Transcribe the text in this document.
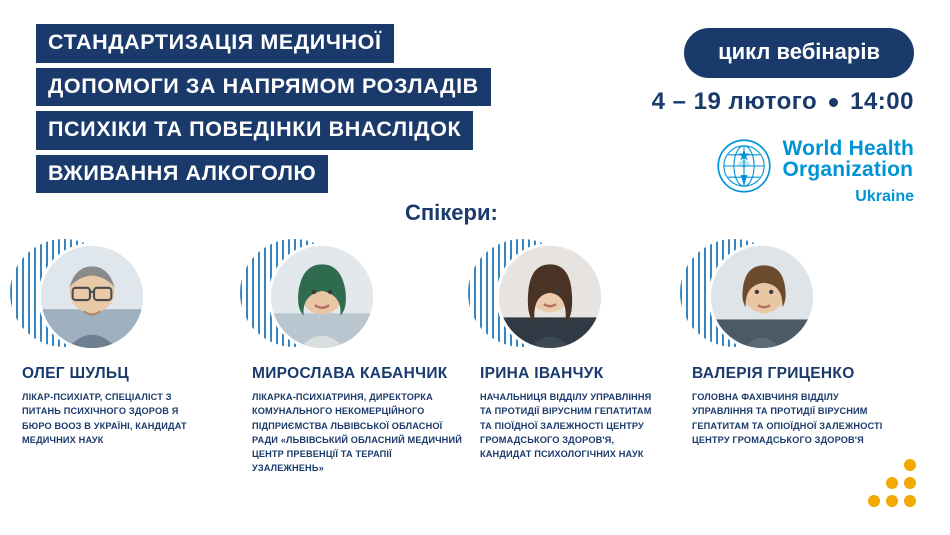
СТАНДАРТИЗАЦІЯ МЕДИЧНОЇ
ДОПОМОГИ ЗА НАПРЯМОМ РОЗЛАДІВ
ПСИХІКИ ТА ПОВЕДІНКИ ВНАСЛІДОК
ВЖИВАННЯ АЛКОГОЛЮ
цикл вебінарів
4 – 19 лютого 14:00
World Health
Organization
Ukraine
Спікери:
ОЛЕГ ШУЛЬЦ
ЛІКАР-ПСИХІАТР, СПЕЦІАЛІСТ З ПИТАНЬ ПСИХІЧНОГО ЗДОРОВ Я БЮРО ВООЗ В УКРАЇНІ, КАНДИДАТ МЕДИЧНИХ НАУК
МИРОСЛАВА КАБАНЧИК
ЛІКАРКА-ПСИХІАТРИНЯ, ДИРЕКТОРКА КОМУНАЛЬНОГО НЕКОМЕРЦІЙНОГО ПІДПРИЄМСТВА ЛЬВІВСЬКОЇ ОБЛАСНОЇ РАДИ «ЛЬВІВСЬКИЙ ОБЛАСНИЙ МЕДИЧНИЙ ЦЕНТР ПРЕВЕНЦІЇ ТА ТЕРАПІЇ УЗАЛЕЖНЕНЬ»
ІРИНА ІВАНЧУК
НАЧАЛЬНИЦЯ ВІДДІЛУ УПРАВЛІННЯ ТА ПРОТИДІЇ ВІРУСНИМ ГЕПАТИТАМ ТА ПІОЇДНОЇ ЗАЛЕЖНОСТІ ЦЕНТРУ ГРОМАДСЬКОГО ЗДОРОВ'Я, КАНДИДАТ ПСИХОЛОГІЧНИХ НАУК
ВАЛЕРІЯ ГРИЦЕНКО
ГОЛОВНА ФАХІВЧИНЯ ВІДДІЛУ УПРАВЛІННЯ ТА ПРОТИДІЇ ВІРУСНИМ ГЕПАТИТАМ ТА ОПІОЇДНОЇ ЗАЛЕЖНОСТІ ЦЕНТРУ ГРОМАДСЬКОГО ЗДОРОВ'Я
